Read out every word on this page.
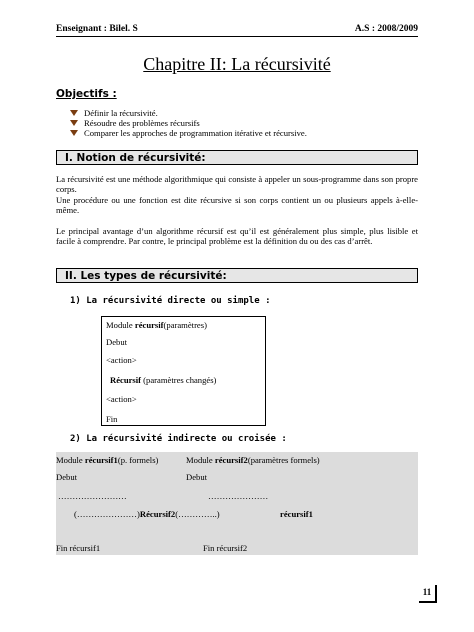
Enseignant : Bilel. S	A.S : 2008/2009
Chapitre II: La récursivité
Objectifs :
Définir la récursivité.
Résoudre des problèmes récursifs
Comparer les approches de programmation itérative et récursive.
I. Notion de récursivité:
La récursivité est une méthode algorithmique qui consiste à appeler un sous-programme dans son propre corps.
Une procédure ou une fonction est dite récursive si son corps contient un ou plusieurs appels à-elle- même.
Le principal avantage d’un algorithme récursif est qu’il est généralement plus simple, plus lisible et facile à comprendre. Par contre, le principal problème est la définition du ou des cas d’arrêt.
II. Les types de récursivité:
1) La récursivité directe ou simple :
Module récursif(paramètres)
Debut
<action>
Récursif (paramètres changés)
<action>
Fin
2) La récursivité indirecte ou croisée :
Module récursif1(p. formels)	Module récursif2(paramètres formels)
Debut	Debut
……………………	…………………
(…………………)Récursif2(…………..)	récursif1
Fin récursif1	Fin récursif2
11
